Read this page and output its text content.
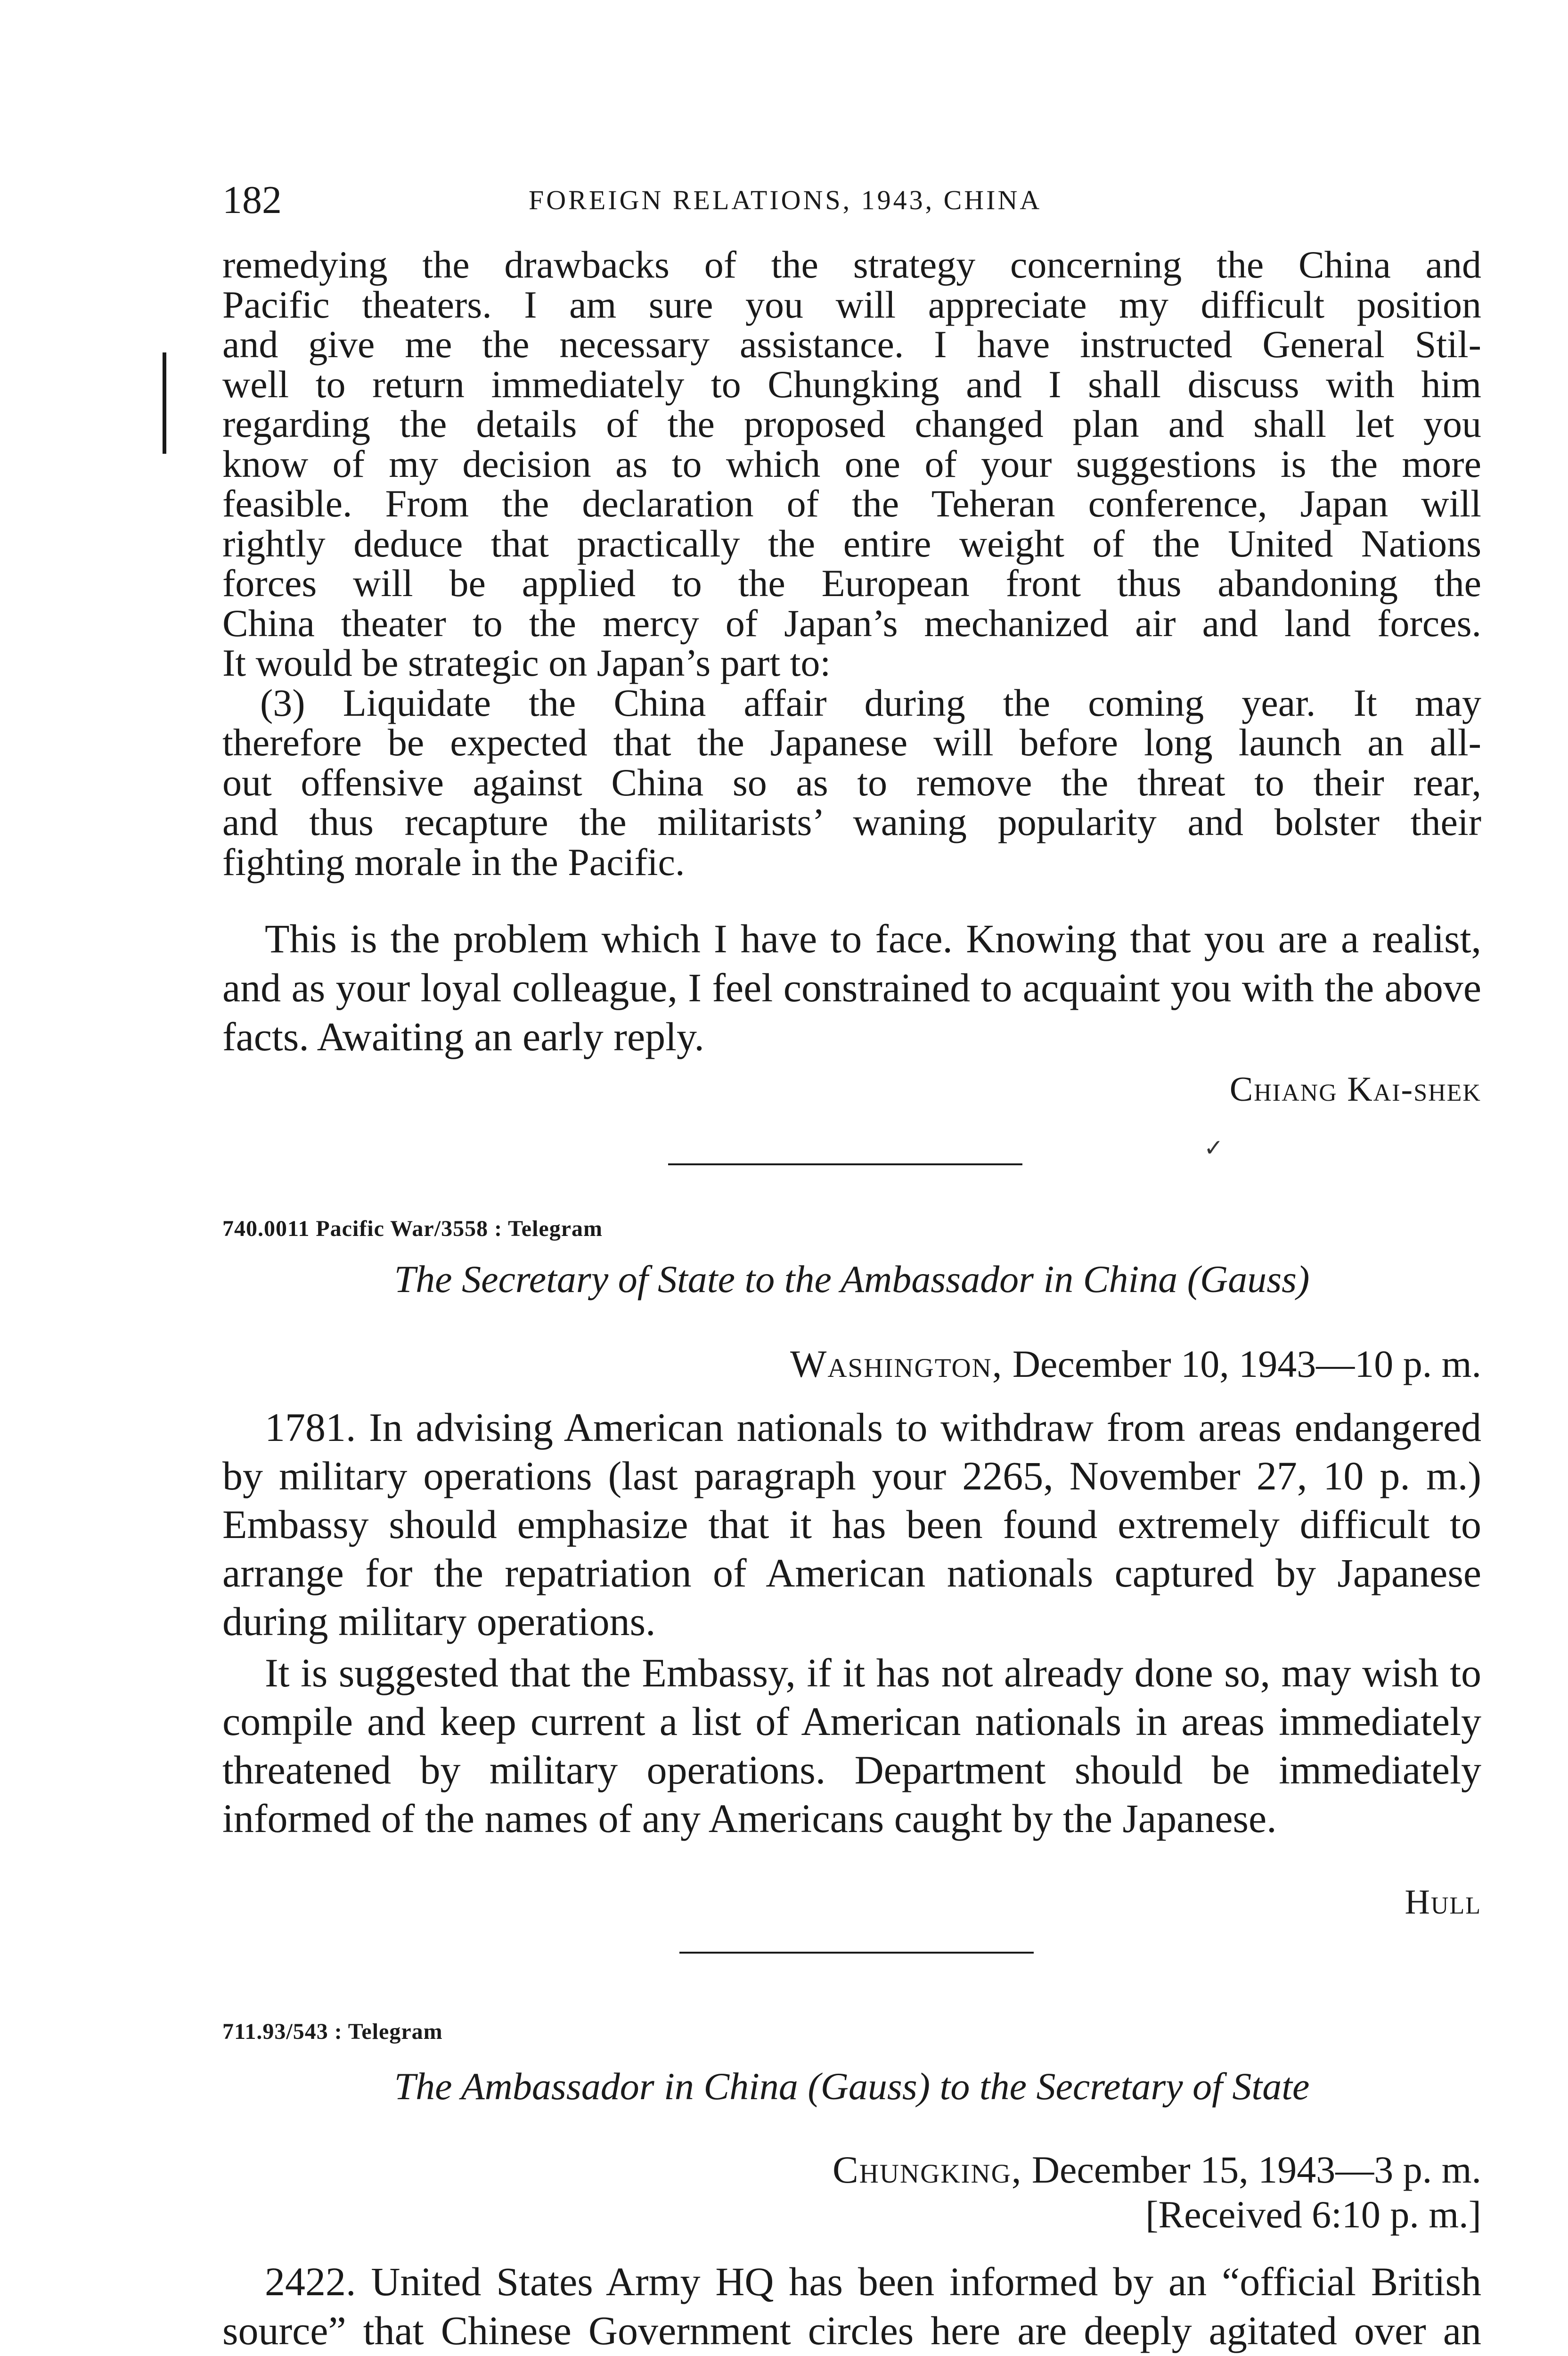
182	FOREIGN RELATIONS, 1943, CHINA

remedying the drawbacks of the strategy concerning the China and
Pacific theaters. I am sure you will appreciate my difficult position
and give me the necessary assistance. I have instructed General Stil-
well to return immediately to Chungking and I shall discuss with him
regarding the details of the proposed changed plan and shall let you
know of my decision as to which one of your suggestions is the more
feasible. From the declaration of the Teheran conference, Japan will
rightly deduce that practically the entire weight of the United Nations
forces will be applied to the European front thus abandoning the
China theater to the mercy of Japan’s mechanized air and land forces.
It would be strategic on Japan’s part to:
(3) Liquidate the China affair during the coming year. It may
therefore be expected that the Japanese will before long launch an all-
out offensive against China so as to remove the threat to their rear,
and thus recapture the militarists’ waning popularity and bolster their
fighting morale in the Pacific.

This is the problem which I have to face. Knowing that you are a realist, and as your loyal colleague, I feel constrained to acquaint you with the above facts. Awaiting an early reply.

Chiang Kai-shek
✓
740.0011 Pacific War/3558 : Telegram
The Secretary of State to the Ambassador in China (Gauss)
Washington, December 10, 1943—10 p. m.

1781. In advising American nationals to withdraw from areas endangered by military operations (last paragraph your 2265, November 27, 10 p. m.) Embassy should emphasize that it has been found extremely difficult to arrange for the repatriation of American nationals captured by Japanese during military operations.

It is suggested that the Embassy, if it has not already done so, may wish to compile and keep current a list of American nationals in areas immediately threatened by military operations. Department should be immediately informed of the names of any Americans caught by the Japanese.

Hull
711.93/543 : Telegram
The Ambassador in China (Gauss) to the Secretary of State
Chungking, December 15, 1943—3 p. m.
[Received 6:10 p. m.]

2422. United States Army HQ has been informed by an “official British source” that Chinese Government circles here are deeply agitated over an
